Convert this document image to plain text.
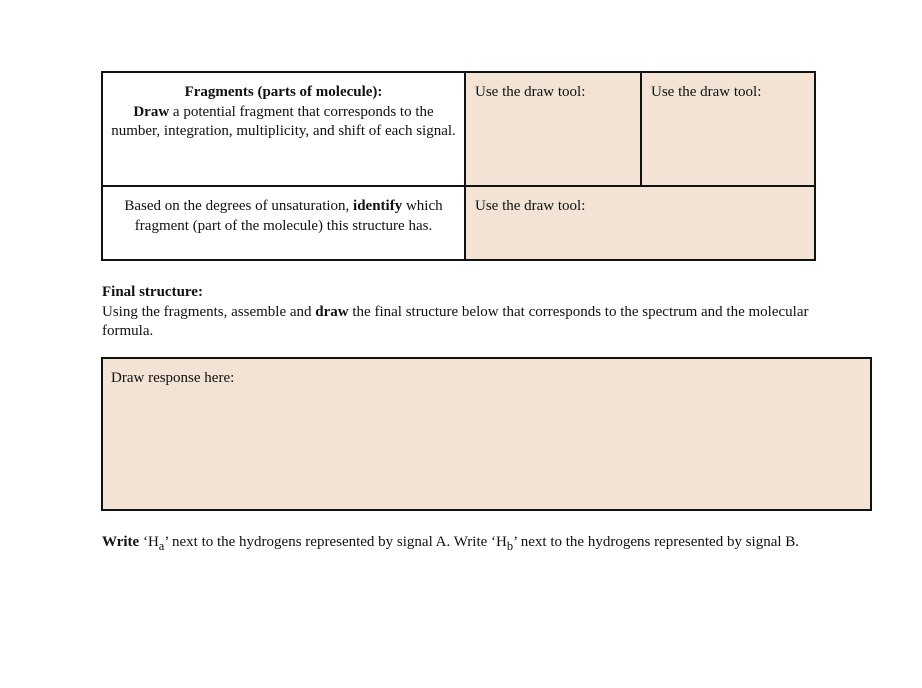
Fragments (parts of molecule):
Draw a potential fragment that corresponds to the number, integration, multiplicity, and shift of each signal.
Use the draw tool:	Use the draw tool:
Based on the degrees of unsaturation, identify which fragment (part of the molecule) this structure has.
Use the draw tool:
Final structure:
Using the fragments, assemble and draw the final structure below that corresponds to the spectrum and the molecular formula.
Draw response here:
Write ‘$H_a$’ next to the hydrogens represented by signal A. Write ‘$H_b$’ next to the hydrogens represented by signal B.
